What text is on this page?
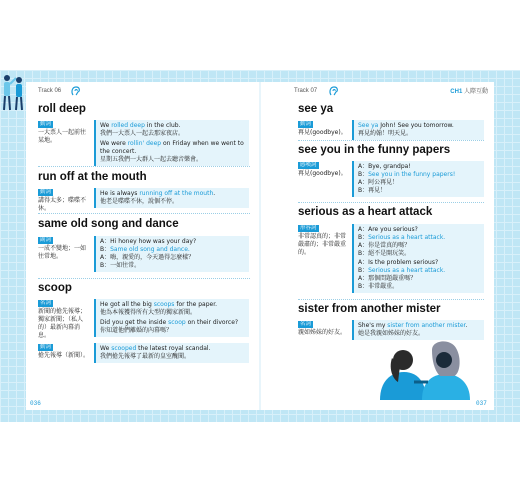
Track 06	Track 07	CH1 人際互動
roll deep
動詞
一大票人一起前往某地。
We rolled deep in the club.
我們一大票人一起去那家夜店。
We were rollin' deep on Friday when we went to the concert.
星期五我們一大群人一起去聽音樂會。
run off at the mouth
動詞
講得太多；喋喋不休。
He is always running off at the mouth.
他老是喋喋不休，說個不停。
same old song and dance
副詞
一成不變地；一如往常地。
A：Hi honey how was your day?
B：Same old song and dance.
A：嗨，親愛的，今天過得怎麼樣？
B：一如往常。
scoop
名詞
新聞的搶先報導；獨家新聞；（私人的）最新內幕消息。
He got all the big scoops for the paper.
他為本報獲得所有大型的獨家新聞。
Did you get the inside scoop on their divorce?
你知道他們離婚的內幕嗎？
動詞
搶先報導（新聞）。
We scooped the latest royal scandal.
我們搶先報導了最新的皇室醜聞。
036
see ya
動詞
再見(goodbye)。
See ya John! See you tomorrow.
再見約翰！明天見。
see you in the funny papers
感嘆詞
再見(goodbye)。
A：Bye, grandpa!
B：See you in the funny papers!
A：阿公再見！
B：再見！
serious as a heart attack
形容詞
非常認真的；非常嚴肅的；非常嚴重的。
A：Are you serious?
B：Serious as a heart attack.
A：你是當真的嗎？
B：絕不是開玩笑。
A：Is the problem serious?
B：Serious as a heart attack.
A：那個問題嚴重嗎？
B：非常嚴重。
sister from another mister
名詞
親如姊妹的好友。
She's my sister from another mister.
她是我親如姊妹的好友。
037
